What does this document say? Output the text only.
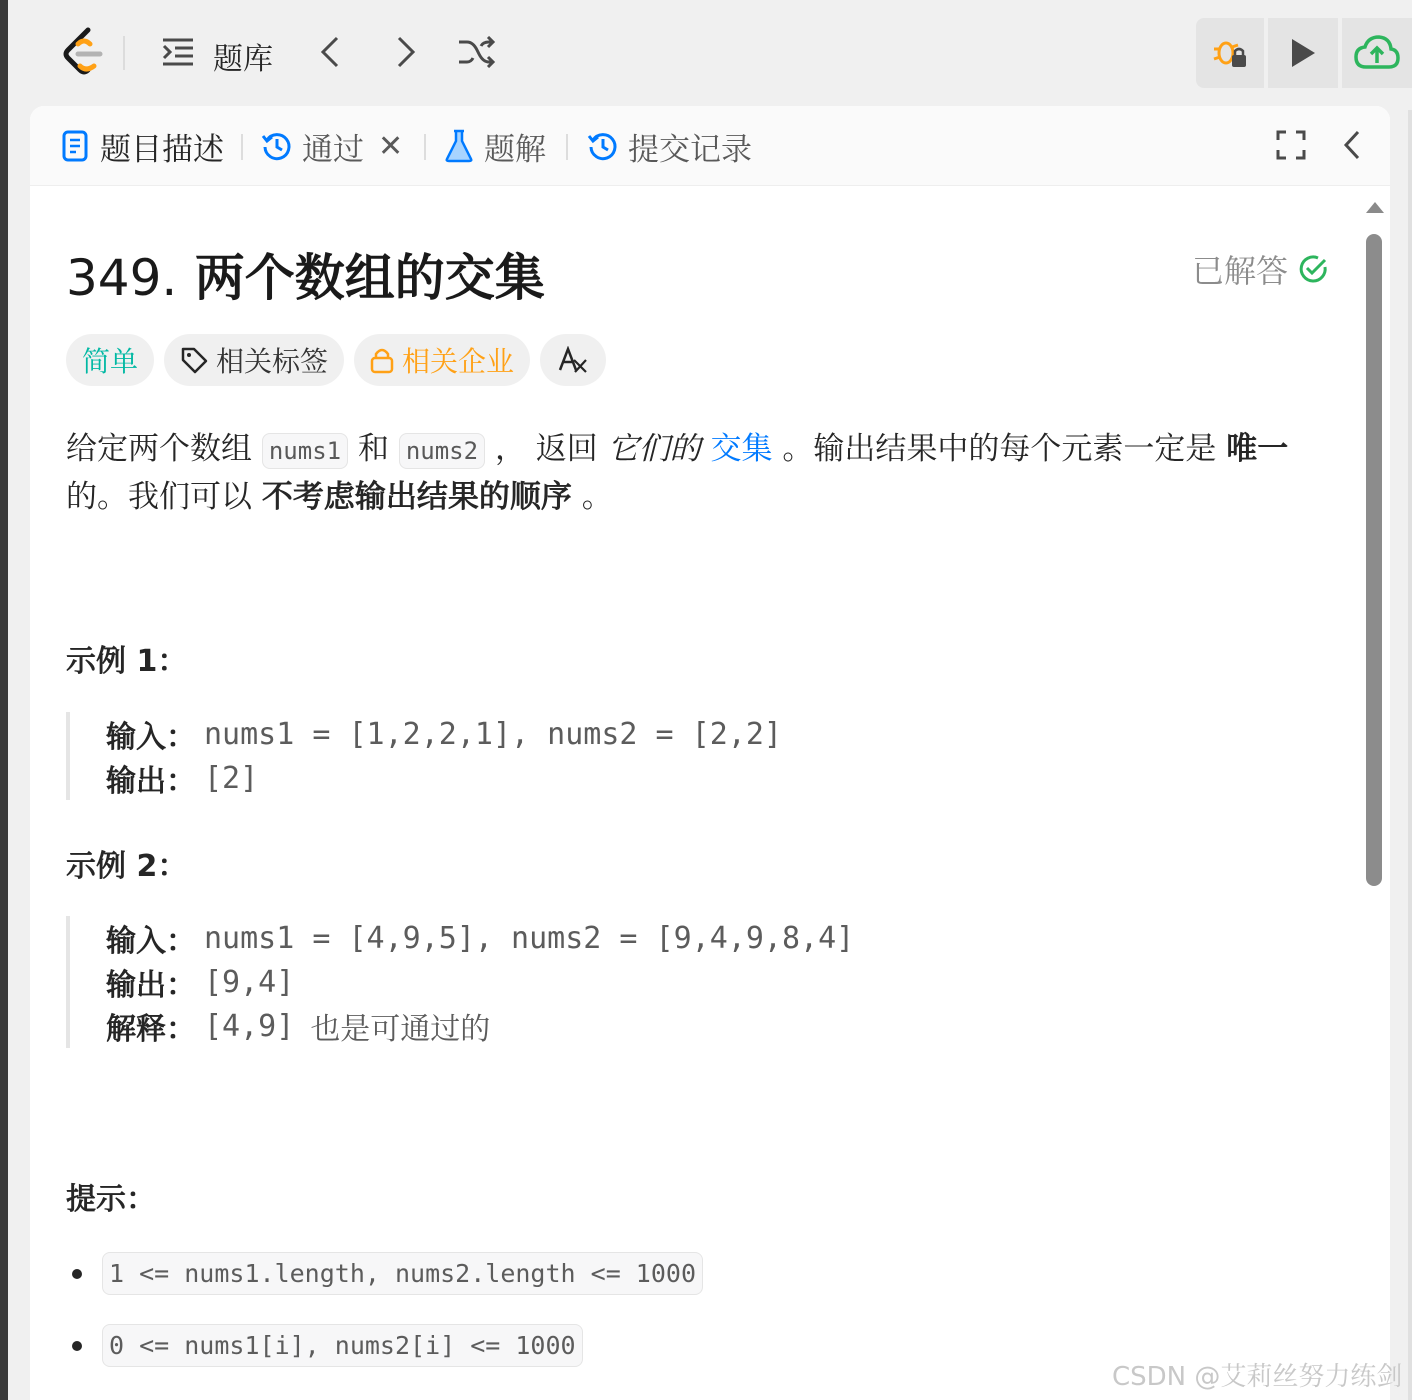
题库
题目描述	通过 ✕	题解	提交记录
349. 两个数组的交集	已解答
简单	相关标签	相关企业
给定两个数组 nums1 和 nums2 ， 返回 它们的 交集 。输出结果中的每个元素一定是 唯一
的。我们可以 不考虑输出结果的顺序 。
示例 1：
输入： nums1 = [1,2,2,1], nums2 = [2,2]
输出： [2]
示例 2：
输入： nums1 = [4,9,5], nums2 = [9,4,9,8,4]
输出： [9,4]
解释： [4,9] 也是可通过的
提示：
1 <= nums1.length, nums2.length <= 1000
0 <= nums1[i], nums2[i] <= 1000
CSDN @艾莉丝努力练剑
